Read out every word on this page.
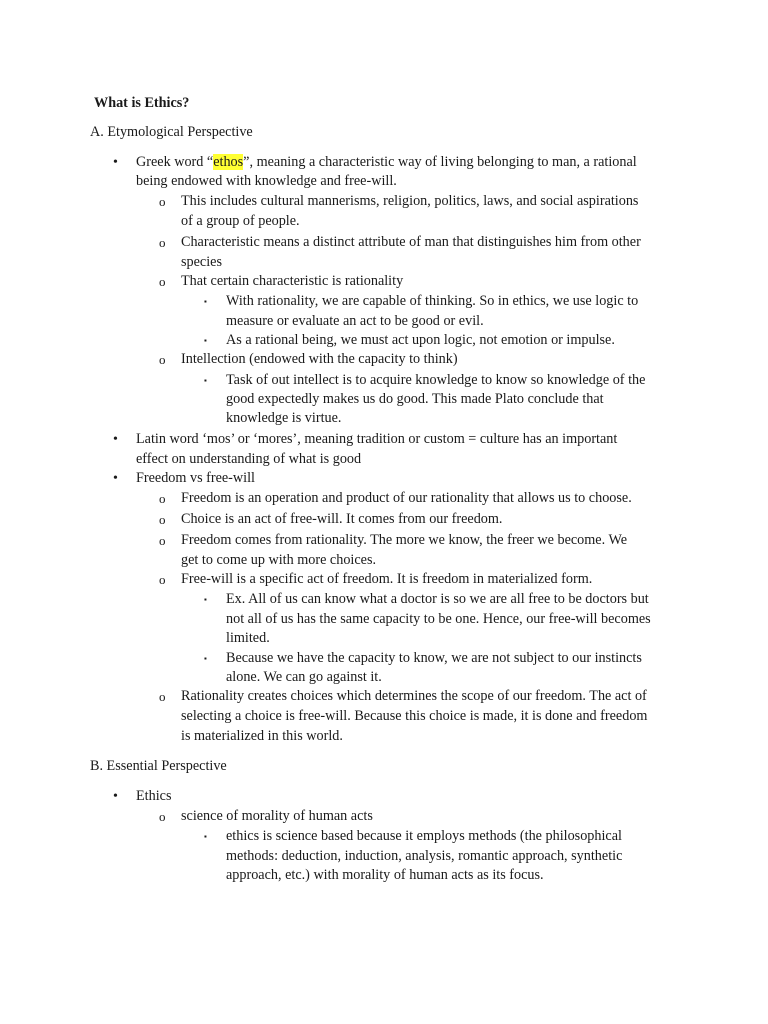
What is Ethics?
A. Etymological Perspective
• Greek word “ethos”, meaning a characteristic way of living belonging to man, a rational
being endowed with knowledge and free-will.
o This includes cultural mannerisms, religion, politics, laws, and social aspirations
of a group of people.
o Characteristic means a distinct attribute of man that distinguishes him from other
species
o That certain characteristic is rationality
▪ With rationality, we are capable of thinking. So in ethics, we use logic to
measure or evaluate an act to be good or evil.
▪ As a rational being, we must act upon logic, not emotion or impulse.
o Intellection (endowed with the capacity to think)
▪ Task of out intellect is to acquire knowledge to know so knowledge of the
good expectedly makes us do good. This made Plato conclude that
knowledge is virtue.
• Latin word ‘mos’ or ‘mores’, meaning tradition or custom = culture has an important
effect on understanding of what is good
• Freedom vs free-will
o Freedom is an operation and product of our rationality that allows us to choose.
o Choice is an act of free-will. It comes from our freedom.
o Freedom comes from rationality. The more we know, the freer we become. We
get to come up with more choices.
o Free-will is a specific act of freedom. It is freedom in materialized form.
▪ Ex. All of us can know what a doctor is so we are all free to be doctors but
not all of us has the same capacity to be one. Hence, our free-will becomes
limited.
▪ Because we have the capacity to know, we are not subject to our instincts
alone. We can go against it.
o Rationality creates choices which determines the scope of our freedom. The act of
selecting a choice is free-will. Because this choice is made, it is done and freedom
is materialized in this world.
B. Essential Perspective
• Ethics
o science of morality of human acts
▪ ethics is science based because it employs methods (the philosophical
methods: deduction, induction, analysis, romantic approach, synthetic
approach, etc.) with morality of human acts as its focus.
